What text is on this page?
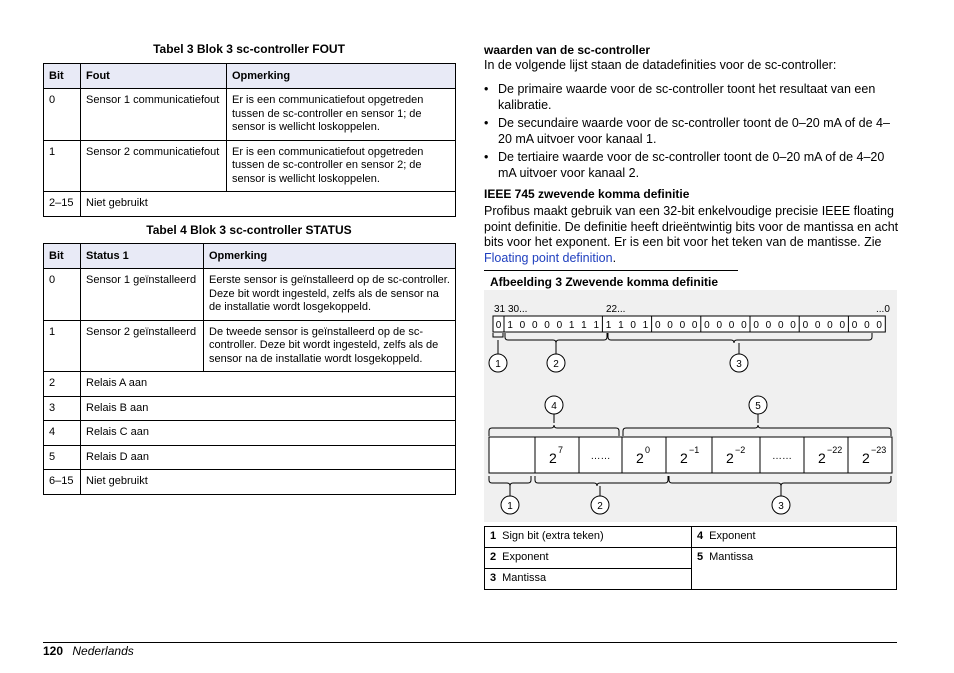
Tabel 3 Blok 3 sc-controller FOUT
Bit	Fout	Opmerking
0	Sensor 1 communicatiefout	Er is een communicatiefout opgetreden tussen de sc-controller en sensor 1; de sensor is wellicht loskoppelen.
1	Sensor 2 communicatiefout	Er is een communicatiefout opgetreden tussen de sc-controller en sensor 2; de sensor is wellicht loskoppelen.
2–15	Niet gebruikt	
Tabel 4 Blok 3 sc-controller STATUS
Bit	Status 1	Opmerking
0	Sensor 1 geïnstalleerd	Eerste sensor is geïnstalleerd op de sc-controller. Deze bit wordt ingesteld, zelfs als de sensor na de installatie wordt losgekoppeld.
1	Sensor 2 geïnstalleerd	De tweede sensor is geïnstalleerd op de sc-controller. Deze bit wordt ingesteld, zelfs als de sensor na de installatie wordt losgekoppeld.
2	Relais A aan	
3	Relais B aan	
4	Relais C aan	
5	Relais D aan	
6–15	Niet gebruikt	
waarden van de sc-controller
In de volgende lijst staan de datadefinities voor de sc-controller:
• De primaire waarde voor de sc-controller toont het resultaat van een kalibratie.
• De secundaire waarde voor de sc-controller toont de 0–20 mA of de 4–20 mA uitvoer voor kanaal 1.
• De tertiaire waarde voor de sc-controller toont de 0–20 mA of de 4–20 mA uitvoer voor kanaal 2.
IEEE 745 zwevende komma definitie
Profibus maakt gebruik van een 32-bit enkelvoudige precisie IEEE floating point definitie. De definitie heeft drieëntwintig bits voor de mantissa en acht bits voor het exponent. Er is een bit voor het teken van de mantisse. Zie Floating point definition.
Afbeelding 3 Zwevende komma definitie
31 30...	22...	...0
0 1 0 0 0 0 1 1 1 1 1 0 1 0 0 0 0 0 0 0 0 0 0 0 0 0 0 0 0 0 0 0
1	2	3
4	5
2 7
…… 2 0 2 −1 2 −2
…… 2 −22 2 −23
1	2	3
1 Sign bit (extra teken)	4 Exponent
2 Exponent	5 Mantissa
3 Mantissa	
120 Nederlands
